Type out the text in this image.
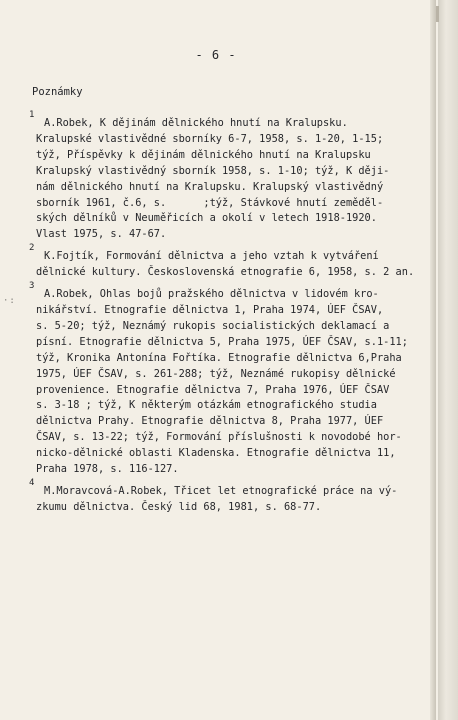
- 6 -
Poznámky
1
A.Robek, K dějinám dělnického hnutí na Kralupsku.
Kralupské vlastivědné sborníky 6-7, 1958, s. 1-20, 1-15;
týž, Příspěvky k dějinám dělnického hnutí na Kralupsku
Kralupský vlastivědný sborník 1958, s. 1-10; týž, K ději-
nám dělnického hnutí na Kralupsku. Kralupský vlastivědný
sborník 1961, č.6, s.      ;týž, Stávkové hnutí zeměděl-
ských dělníků v Neuměřicích a okolí v letech 1918-1920.
Vlast 1975, s. 47-67.
2
K.Fojtík, Formování dělnictva a jeho vztah k vytváření
dělnické kultury. Československá etnografie 6, 1958, s. 2 an.
3
A.Robek, Ohlas bojů pražského dělnictva v lidovém kro-
nikářství. Etnografie dělnictva 1, Praha 1974, ÚEF ČSAV,
s. 5-20; týž, Neznámý rukopis socialistických deklamací a
písní. Etnografie dělnictva 5, Praha 1975, ÚEF ČSAV, s.1-11;
týž, Kronika Antonína Fořtíka. Etnografie dělnictva 6,Praha
1975, ÚEF ČSAV, s. 261-288; týž, Neznámé rukopisy dělnické
provenience. Etnografie dělnictva 7, Praha 1976, ÚEF ČSAV
s. 3-18 ; týž, K některým otázkám etnografického studia
dělnictva Prahy. Etnografie dělnictva 8, Praha 1977, ÚEF
ČSAV, s. 13-22; týž, Formování příslušnosti k novodobé hor-
nicko-dělnické oblasti Kladenska. Etnografie dělnictva 11,
Praha 1978, s. 116-127.
4
M.Moravcová-A.Robek, Třicet let etnografické práce na vý-
zkumu dělnictva. Český lid 68, 1981, s. 68-77.
·:
